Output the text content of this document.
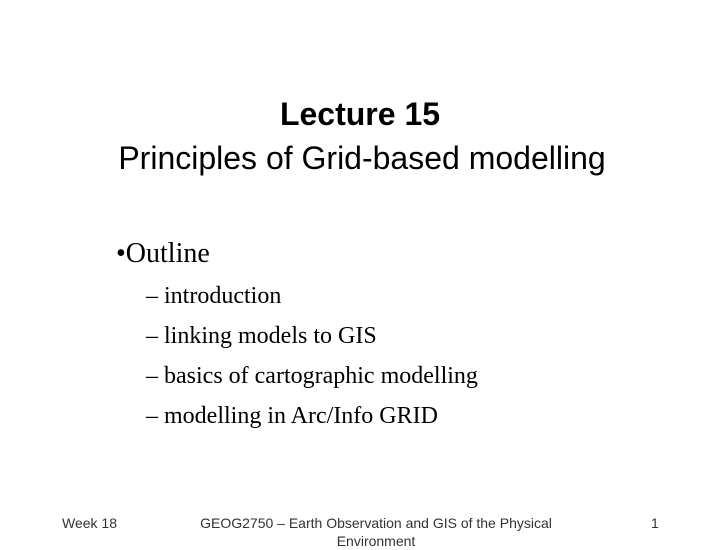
Lecture 15
Principles of Grid-based modelling
•Outline
– introduction
– linking models to GIS
– basics of cartographic modelling
– modelling in Arc/Info GRID
Week 18	GEOG2750 – Earth Observation and GIS of the Physical Environment
1
